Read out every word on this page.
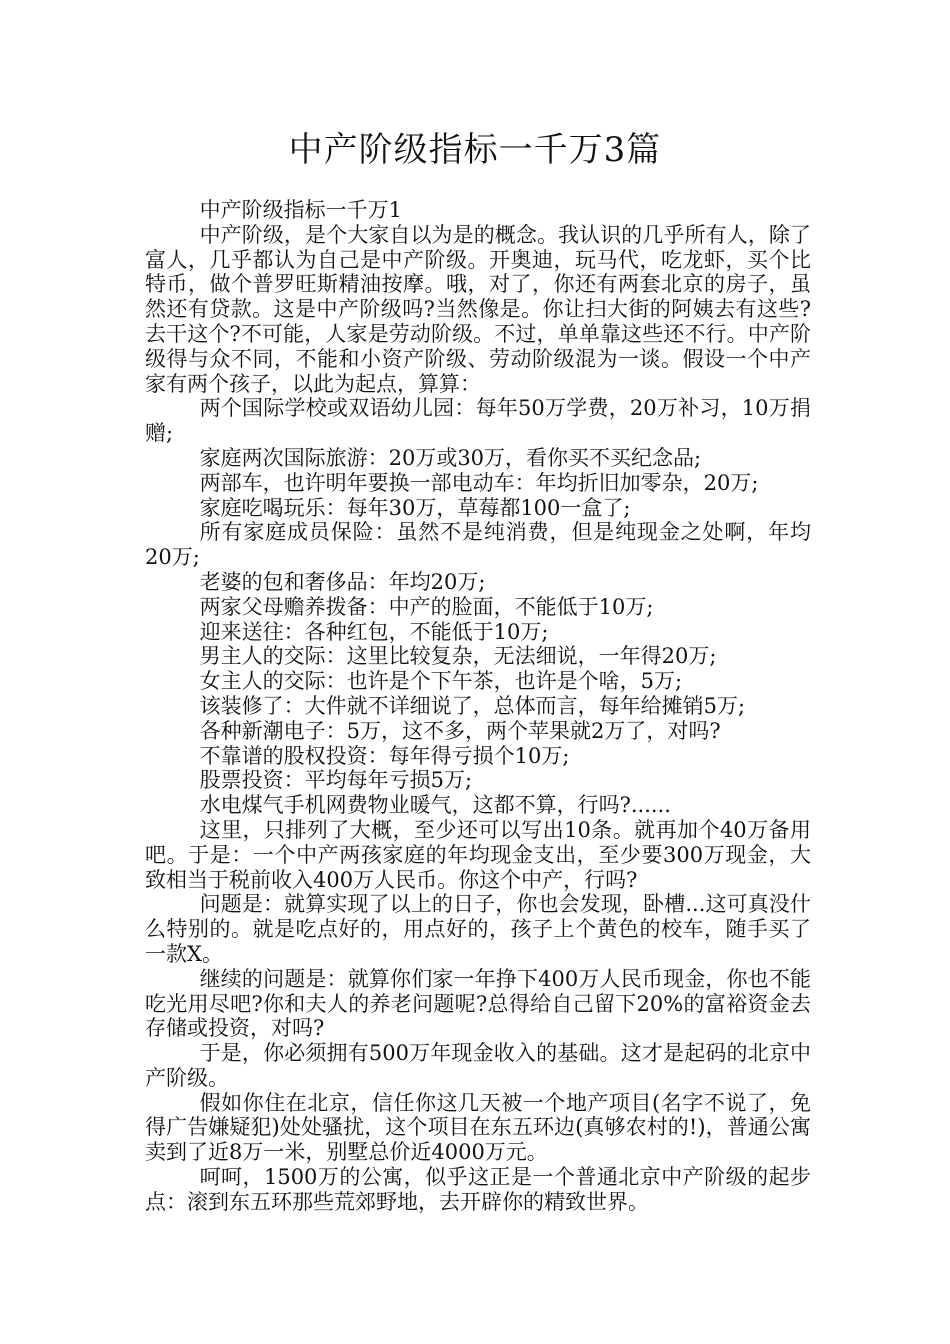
中产阶级指标一千万3篇

中产阶级指标一千万1

中产阶级，是个大家自以为是的概念。我认识的几乎所有人，除了富人，几乎都认为自己是中产阶级。开奥迪，玩马代，吃龙虾，买个比特币，做个普罗旺斯精油按摩。哦，对了，你还有两套北京的房子，虽然还有贷款。这是中产阶级吗?当然像是。你让扫大街的阿姨去有这些?去干这个?不可能，人家是劳动阶级。不过，单单靠这些还不行。中产阶级得与众不同，不能和小资产阶级、劳动阶级混为一谈。假设一个中产家有两个孩子，以此为起点，算算：

两个国际学校或双语幼儿园：每年50万学费，20万补习，10万捐赠;

家庭两次国际旅游：20万或30万，看你买不买纪念品;

两部车，也许明年要换一部电动车：年均折旧加零杂，20万;

家庭吃喝玩乐：每年30万，草莓都100一盒了;

所有家庭成员保险：虽然不是纯消费，但是纯现金之处啊，年均20万;

老婆的包和奢侈品：年均20万;

两家父母赡养拨备：中产的脸面，不能低于10万;

迎来送往：各种红包，不能低于10万;

男主人的交际：这里比较复杂，无法细说，一年得20万;

女主人的交际：也许是个下午茶，也许是个啥，5万;

该装修了：大件就不详细说了，总体而言，每年给摊销5万;

各种新潮电子：5万，这不多，两个苹果就2万了，对吗?

不靠谱的股权投资：每年得亏损个10万;

股票投资：平均每年亏损5万;

水电煤气手机网费物业暖气，这都不算，行吗?......

这里，只排列了大概，至少还可以写出10条。就再加个40万备用吧。于是：一个中产两孩家庭的年均现金支出，至少要300万现金，大致相当于税前收入400万人民币。你这个中产，行吗?

问题是：就算实现了以上的日子，你也会发现，卧槽...这可真没什么特别的。就是吃点好的，用点好的，孩子上个黄色的校车，随手买了一款X。

继续的问题是：就算你们家一年挣下400万人民币现金，你也不能吃光用尽吧?你和夫人的养老问题呢?总得给自己留下20%的富裕资金去存储或投资，对吗?

于是，你必须拥有500万年现金收入的基础。这才是起码的北京中产阶级。

假如你住在北京，信任你这几天被一个地产项目(名字不说了，免得广告嫌疑犯)处处骚扰，这个项目在东五环边(真够农村的!)，普通公寓卖到了近8万一米，别墅总价近4000万元。

呵呵，1500万的公寓，似乎这正是一个普通北京中产阶级的起步点：滚到东五环那些荒郊野地，去开辟你的精致世界。
